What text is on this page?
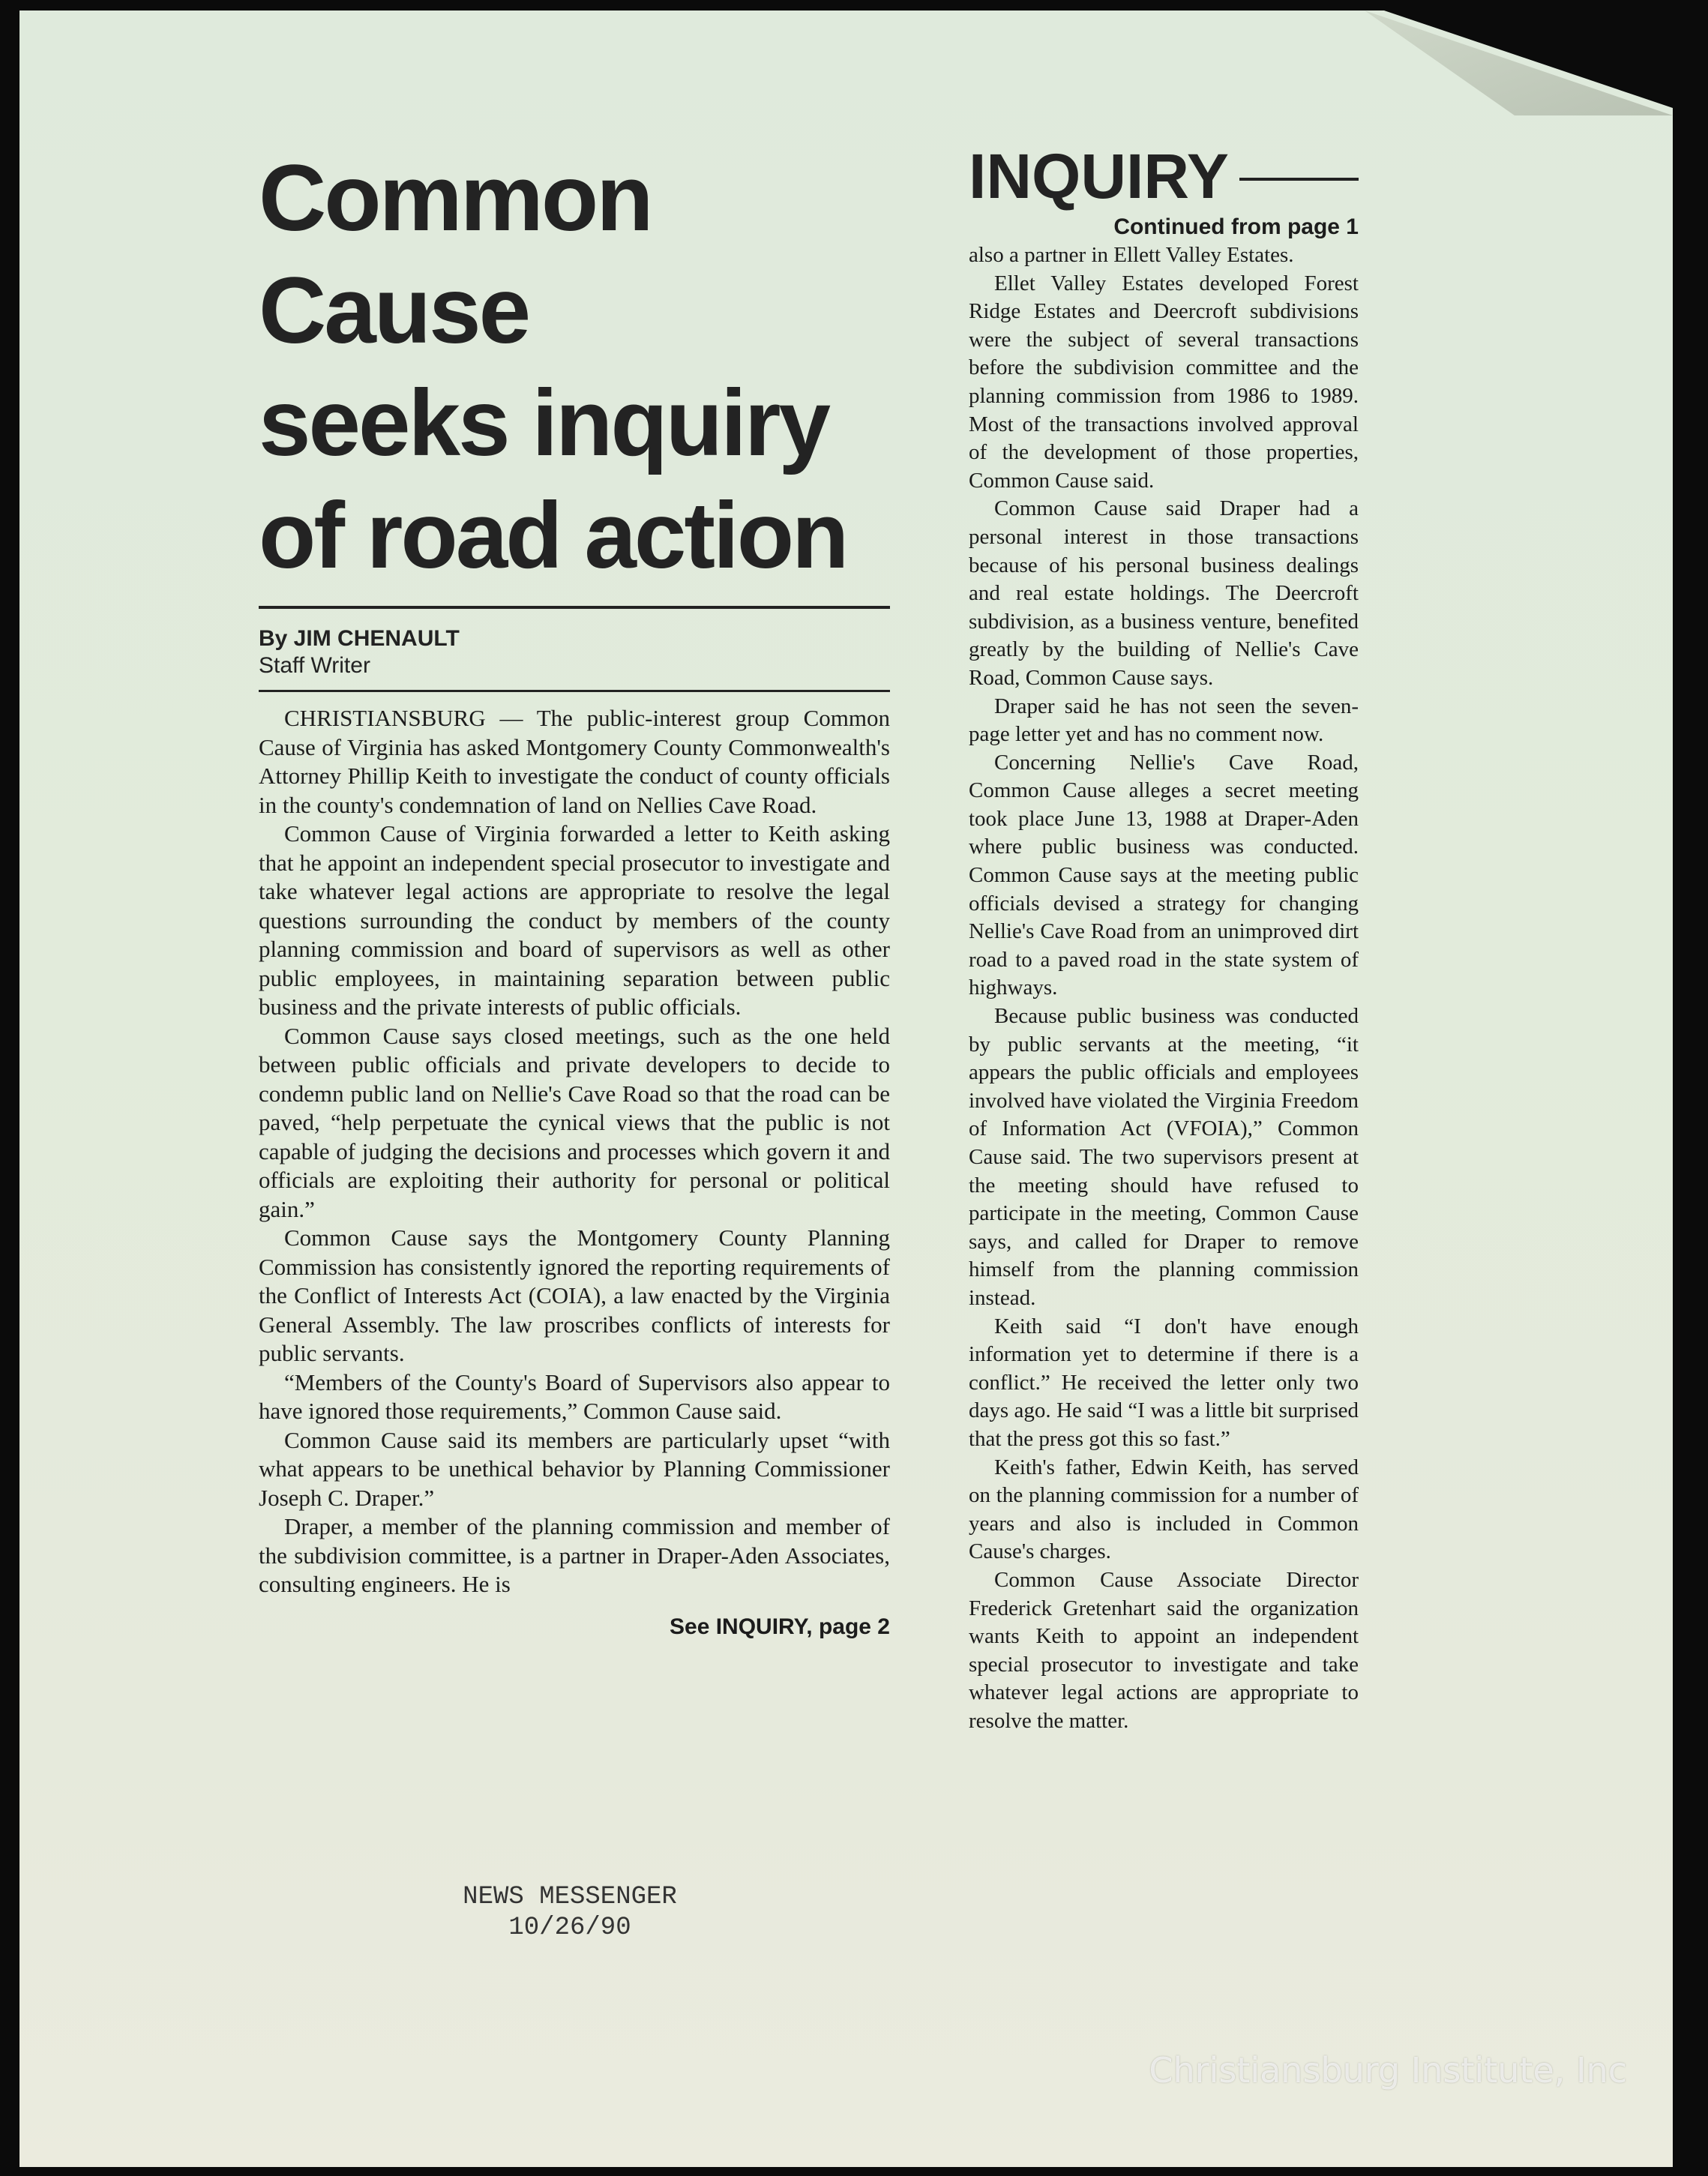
Common Cause
seeks inquiry
of road action
By JIM CHENAULT
Staff Writer

CHRISTIANSBURG — The public-interest group Common Cause of Virginia has asked Montgomery County Commonwealth's Attorney Phillip Keith to investigate the conduct of county officials in the county's condemnation of land on Nellies Cave Road.

Common Cause of Virginia forwarded a letter to Keith asking that he appoint an independent special prosecutor to investigate and take whatever legal actions are appropriate to resolve the legal questions surrounding the conduct by members of the county planning commission and board of supervisors as well as other public employees, in maintaining separation between public business and the private interests of public officials.

Common Cause says closed meetings, such as the one held between public officials and private developers to decide to condemn public land on Nellie's Cave Road so that the road can be paved, “help perpetuate the cynical views that the public is not capable of judging the decisions and processes which govern it and officials are exploiting their authority for personal or political gain.”

Common Cause says the Montgomery County Planning Commission has consistently ignored the reporting requirements of the Conflict of Interests Act (COIA), a law enacted by the Virginia General Assembly. The law proscribes conflicts of interests for public servants.

“Members of the County's Board of Supervisors also appear to have ignored those requirements,” Common Cause said.

Common Cause said its members are particularly upset “with what appears to be unethical behavior by Planning Commissioner Joseph C. Draper.”

Draper, a member of the planning commission and member of the subdivision committee, is a partner in Draper-Aden Associates, consulting engineers. He is

See INQUIRY, page 2
NEWS MESSENGER
10/26/90
INQUIRY
Continued from page 1

also a partner in Ellett Valley Estates.

Ellet Valley Estates developed Forest Ridge Estates and Deercroft subdivisions were the subject of several transactions before the subdivision committee and the planning commission from 1986 to 1989. Most of the transactions involved approval of the development of those properties, Common Cause said.

Common Cause said Draper had a personal interest in those transactions because of his personal business dealings and real estate holdings. The Deercroft subdivision, as a business venture, benefited greatly by the building of Nellie's Cave Road, Common Cause says.

Draper said he has not seen the seven-page letter yet and has no comment now.

Concerning Nellie's Cave Road, Common Cause alleges a secret meeting took place June 13, 1988 at Draper-Aden where public business was conducted. Common Cause says at the meeting public officials devised a strategy for changing Nellie's Cave Road from an unimproved dirt road to a paved road in the state system of highways.

Because public business was conducted by public servants at the meeting, “it appears the public officials and employees involved have violated the Virginia Freedom of Information Act (VFOIA),” Common Cause said. The two supervisors present at the meeting should have refused to participate in the meeting, Common Cause says, and called for Draper to remove himself from the planning commission instead.

Keith said “I don't have enough information yet to determine if there is a conflict.” He received the letter only two days ago. He said “I was a little bit surprised that the press got this so fast.”

Keith's father, Edwin Keith, has served on the planning commission for a number of years and also is included in Common Cause's charges.

Common Cause Associate Director Frederick Gretenhart said the organization wants Keith to appoint an independent special prosecutor to investigate and take whatever legal actions are appropriate to resolve the matter.

Christiansburg Institute, Inc
